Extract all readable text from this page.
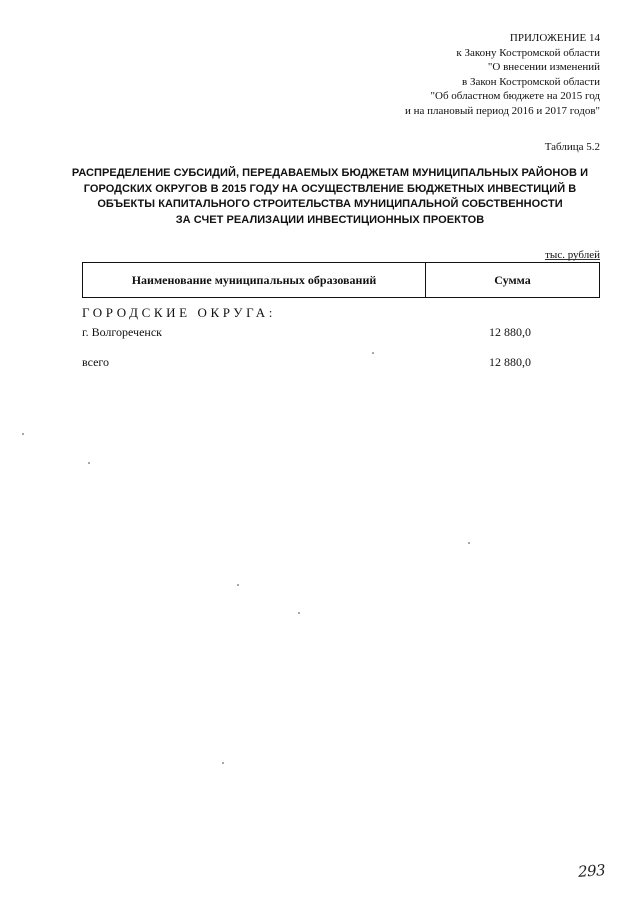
ПРИЛОЖЕНИЕ 14
к Закону Костромской области
"О внесении изменений
в Закон Костромской области
"Об областном бюджете на 2015 год
и на плановый период 2016 и 2017 годов"
Таблица 5.2
РАСПРЕДЕЛЕНИЕ СУБСИДИЙ, ПЕРЕДАВАЕМЫХ БЮДЖЕТАМ МУНИЦИПАЛЬНЫХ РАЙОНОВ И
ГОРОДСКИХ ОКРУГОВ В 2015 ГОДУ НА ОСУЩЕСТВЛЕНИЕ БЮДЖЕТНЫХ ИНВЕСТИЦИЙ В
ОБЪЕКТЫ КАПИТАЛЬНОГО СТРОИТЕЛЬСТВА МУНИЦИПАЛЬНОЙ СОБСТВЕННОСТИ
ЗА СЧЕТ РЕАЛИЗАЦИИ ИНВЕСТИЦИОННЫХ ПРОЕКТОВ
тыс. рублей
Наименование муниципальных образований	Сумма
ГОРОДСКИЕ ОКРУГА:
г. Волгореченск	12 880,0
всего	12 880,0
293
